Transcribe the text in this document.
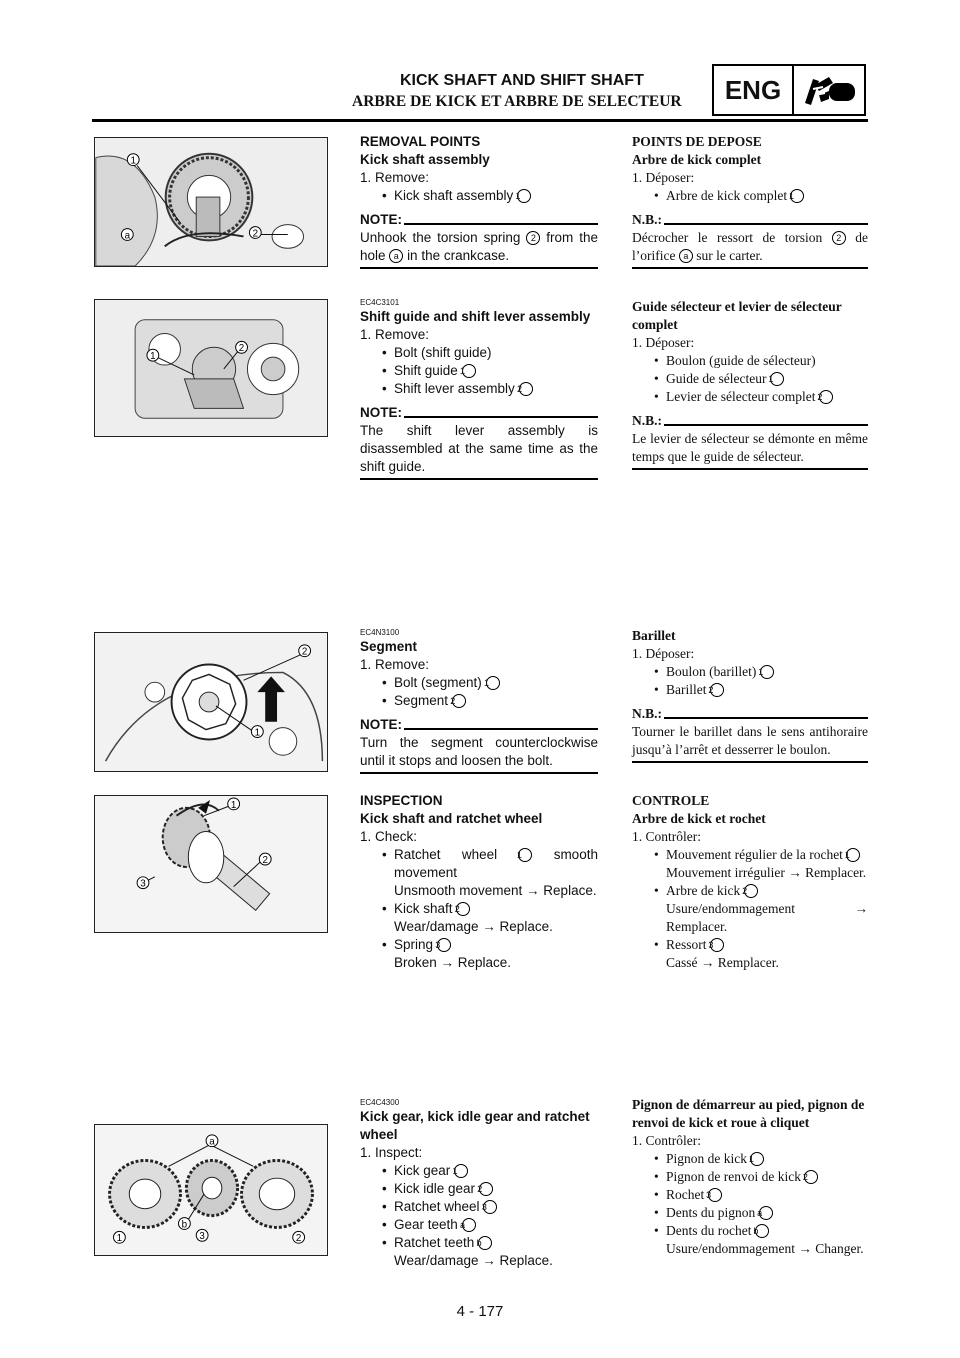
KICK SHAFT AND SHIFT SHAFT
ARBRE DE KICK ET ARBRE DE SELECTEUR	ENG
1
2
a
1
2
2
1
1
2
3
a
b
1	3	2
REMOVAL POINTS
Kick shaft assembly
1. Remove:
• Kick shaft assembly 1
NOTE:
Unhook the torsion spring 2 from the hole a in the crankcase.
POINTS DE DEPOSE
Arbre de kick complet
1. Déposer:
• Arbre de kick complet 1
N.B.:
Décrocher le ressort de torsion 2 de l’orifice a sur le carter.
EC4C3101
Shift guide and shift lever assembly
1. Remove:
• Bolt (shift guide)
• Shift guide 1
• Shift lever assembly 2
NOTE:
The shift lever assembly is disassembled at the same time as the shift guide.
Guide sélecteur et levier de sélecteur complet
1. Déposer:
• Boulon (guide de sélecteur)
• Guide de sélecteur 1
• Levier de sélecteur complet 2
N.B.:
Le levier de sélecteur se démonte en même temps que le guide de sélecteur.
EC4N3100
Segment
1. Remove:
• Bolt (segment) 1
• Segment 2
NOTE:
Turn the segment counterclockwise until it stops and loosen the bolt.
Barillet
1. Déposer:
• Boulon (barillet) 1
• Barillet 2
N.B.:
Tourner le barillet dans le sens antihoraire jusqu’à l’arrêt et desserrer le boulon.
INSPECTION
Kick shaft and ratchet wheel
1. Check:
• Ratchet wheel 1 smooth movement
Unsmooth movement → Replace.
• Kick shaft 2
Wear/damage → Replace.
• Spring 3
Broken → Replace.
CONTROLE
Arbre de kick et rochet
1. Contrôler:
• Mouvement régulier de la rochet 1
Mouvement irrégulier → Remplacer.
• Arbre de kick 2
Usure/endommagement → Remplacer.
• Ressort 3
Cassé → Remplacer.
EC4C4300
Kick gear, kick idle gear and ratchet wheel
1. Inspect:
• Kick gear 1
• Kick idle gear 2
• Ratchet wheel 3
• Gear teeth a
• Ratchet teeth b
Wear/damage → Replace.
Pignon de démarreur au pied, pignon de renvoi de kick et roue à cliquet
1. Contrôler:
• Pignon de kick 1
• Pignon de renvoi de kick 2
• Rochet 3
• Dents du pignon a
• Dents du rochet b
Usure/endommagement → Changer.
4 - 177
